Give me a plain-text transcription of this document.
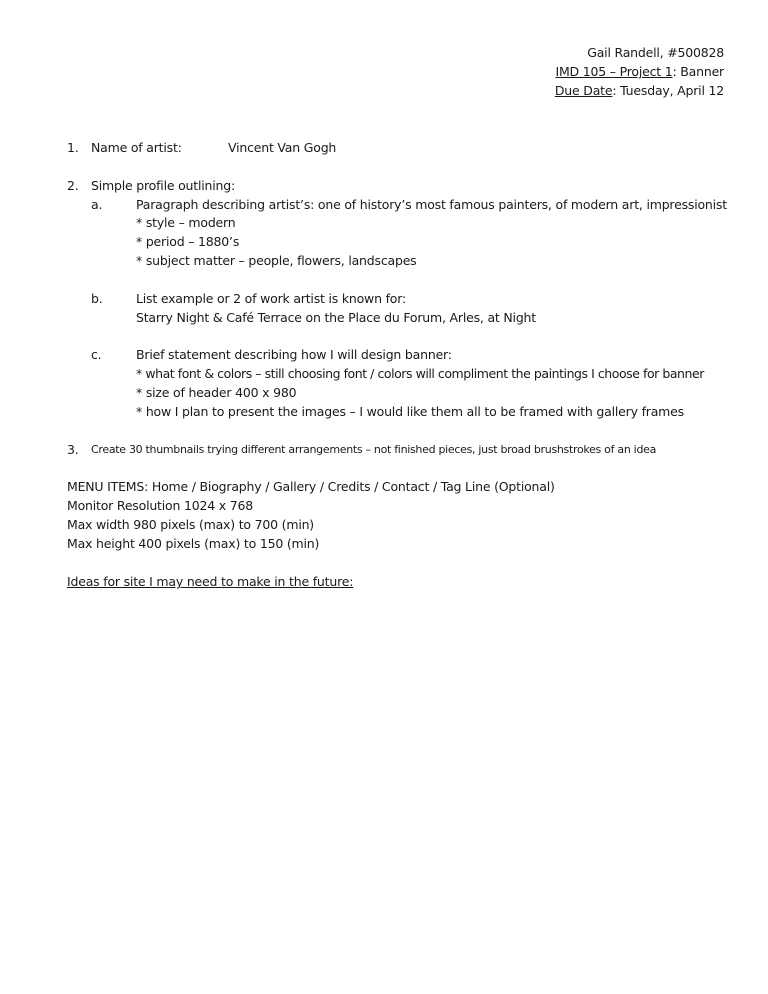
Gail Randell, #500828
IMD 105 – Project 1: Banner
Due Date: Tuesday, April 12
1. Name of artist:	Vincent Van Gogh
2. Simple profile outlining:
a.	Paragraph describing artist’s: one of history’s most famous painters, of modern art, impressionist
* style – modern
* period – 1880’s
* subject matter – people, flowers, landscapes
b.	List example or 2 of work artist is known for:
Starry Night & Café Terrace on the Place du Forum, Arles, at Night
c.	Brief statement describing how I will design banner:
* what font & colors – still choosing font / colors will compliment the paintings I choose for banner
* size of header 400 x 980
* how I plan to present the images – I would like them all to be framed with gallery frames
3. Create 30 thumbnails trying different arrangements – not finished pieces, just broad brushstrokes of an idea
MENU ITEMS: Home / Biography / Gallery / Credits / Contact / Tag Line (Optional)
Monitor Resolution 1024 x 768
Max width 980 pixels (max) to 700 (min)
Max height 400 pixels (max) to 150 (min)
Ideas for site I may need to make in the future:
